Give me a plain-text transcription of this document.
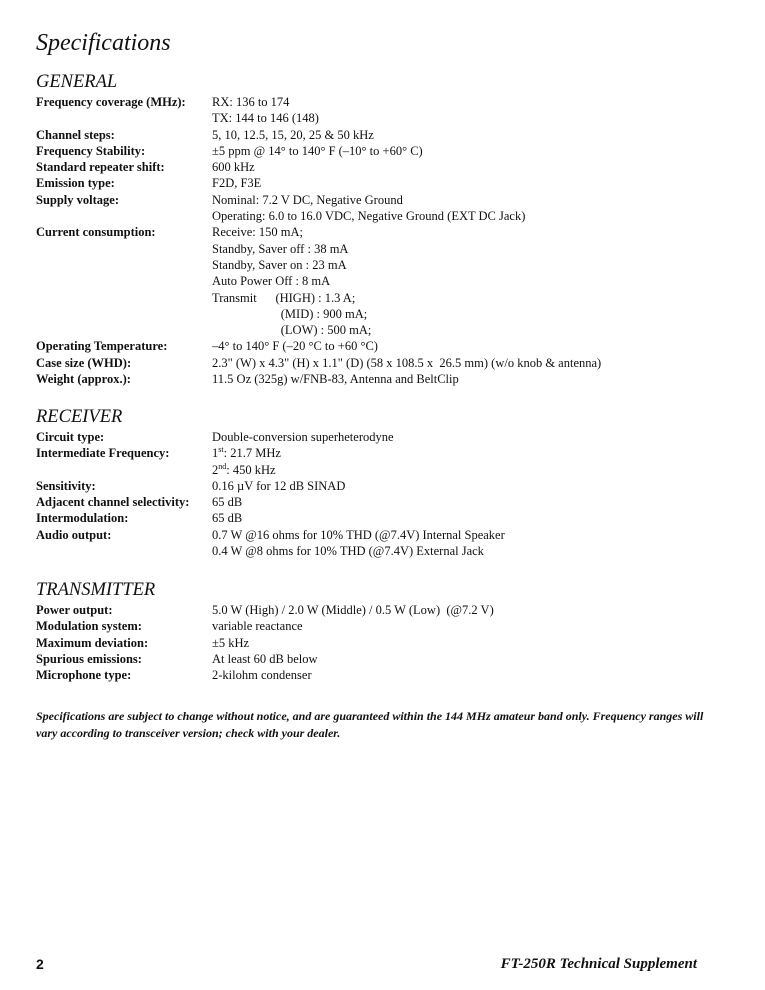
Specifications
GENERAL
Frequency coverage (MHz):	RX: 136 to 174
TX: 144 to 146 (148)
Channel steps:	5, 10, 12.5, 15, 20, 25 & 50 kHz
Frequency Stability:	±5 ppm @ 14° to 140° F (–10° to +60° C)
Standard repeater shift:	600 kHz
Emission type:	F2D, F3E
Supply voltage:	Nominal: 7.2 V DC, Negative Ground
Operating: 6.0 to 16.0 VDC, Negative Ground (EXT DC Jack)
Current consumption:	Receive: 150 mA;
Standby, Saver off : 38 mA
Standby, Saver on : 23 mA
Auto Power Off : 8 mA
Transmit      (HIGH) : 1.3 A;
(MID) : 900 mA;
(LOW) : 500 mA;
Operating Temperature:	–4° to 140° F (–20 °C to +60 °C)
Case size (WHD):	2.3" (W) x 4.3" (H) x 1.1" (D) (58 x 108.5 x  26.5 mm) (w/o knob & antenna)
Weight (approx.):	11.5 Oz (325g) w/FNB-83, Antenna and BeltClip
RECEIVER
Circuit type:	Double-conversion superheterodyne
Intermediate Frequency:	1st: 21.7 MHz
2nd: 450 kHz
Sensitivity:	0.16 µV for 12 dB SINAD
Adjacent channel selectivity:	65 dB
Intermodulation:	65 dB
Audio output:	0.7 W @16 ohms for 10% THD (@7.4V) Internal Speaker
0.4 W @8 ohms for 10% THD (@7.4V) External Jack
TRANSMITTER
Power output:	5.0 W (High) / 2.0 W (Middle) / 0.5 W (Low)  (@7.2 V)
Modulation system:	variable reactance
Maximum deviation:	±5 kHz
Spurious emissions:	At least 60 dB below
Microphone type:	2-kilohm condenser

Specifications are subject to change without notice, and are guaranteed within the 144 MHz amateur band only. Frequency ranges will vary according to transceiver version; check with your dealer.

2	FT-250R Technical Supplement
